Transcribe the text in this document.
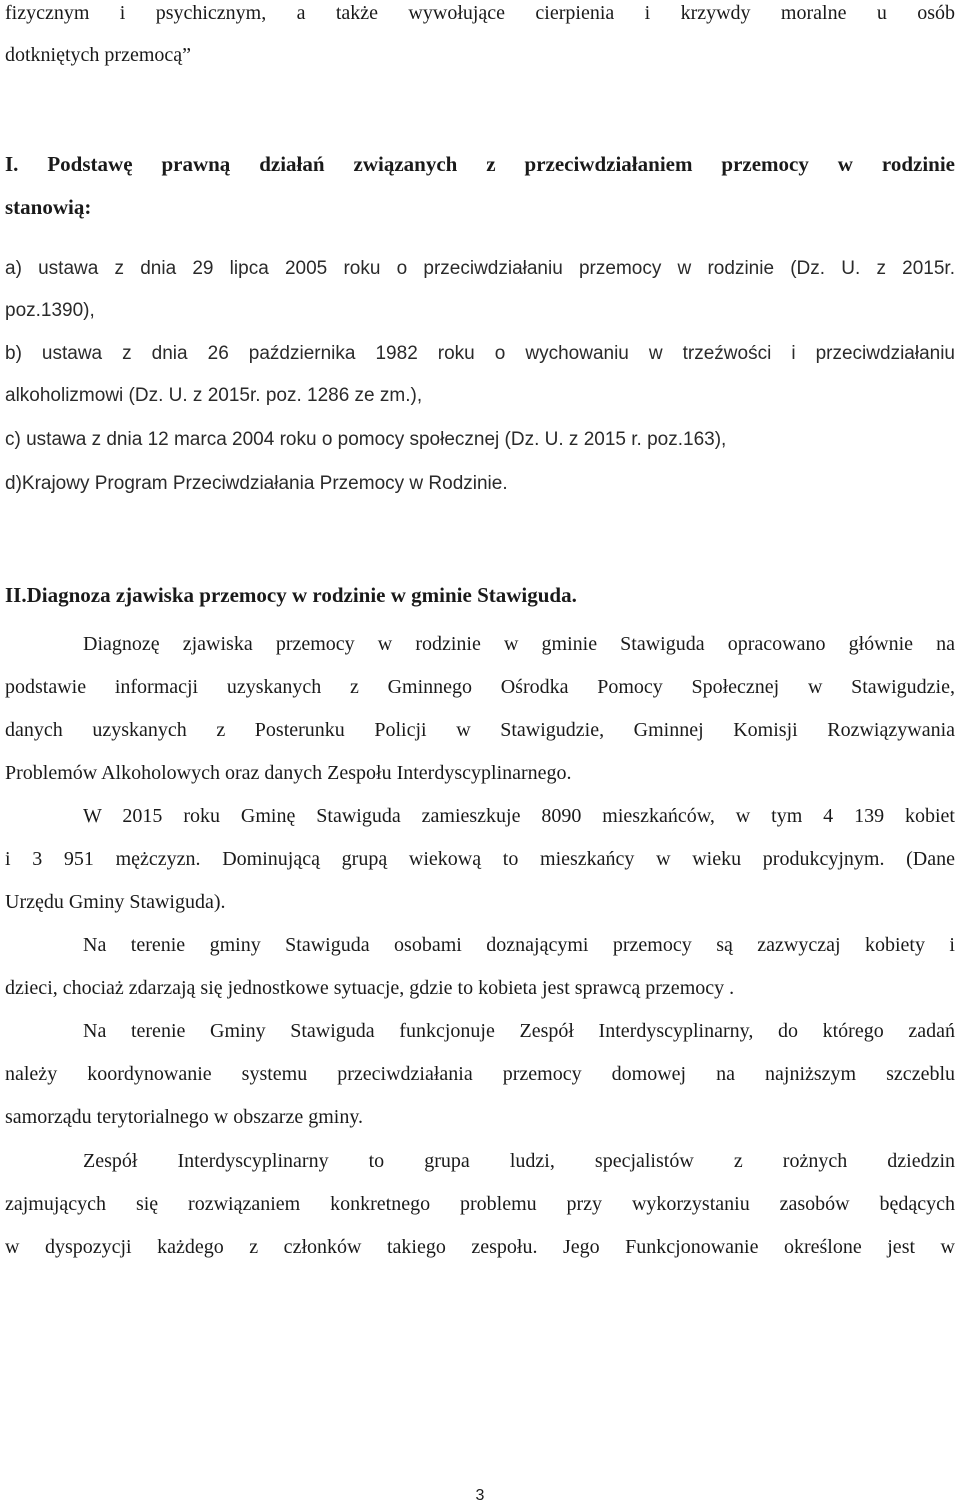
fizycznym i psychicznym, a także wywołujące cierpienia i krzywdy moralne u osób
dotkniętych przemocą”
I. Podstawę prawną działań związanych z przeciwdziałaniem przemocy w rodzinie
stanowią:
a) ustawa z dnia 29 lipca 2005 roku o przeciwdziałaniu przemocy w rodzinie (Dz. U. z 2015r.
poz.1390),
b) ustawa z dnia 26 października 1982 roku o wychowaniu w trzeźwości i przeciwdziałaniu
alkoholizmowi (Dz. U. z 2015r. poz. 1286 ze zm.),
c) ustawa z dnia 12 marca 2004 roku o pomocy społecznej (Dz. U. z 2015 r. poz.163),
d)Krajowy Program Przeciwdziałania Przemocy w Rodzinie.
II.Diagnoza zjawiska przemocy w rodzinie w gminie Stawiguda.
Diagnozę zjawiska przemocy w rodzinie w gminie Stawiguda opracowano głównie na
podstawie informacji uzyskanych z Gminnego Ośrodka Pomocy Społecznej w Stawigudzie,
danych uzyskanych z Posterunku Policji w Stawigudzie, Gminnej Komisji Rozwiązywania
Problemów Alkoholowych oraz danych Zespołu Interdyscyplinarnego.
W 2015 roku Gminę Stawiguda zamieszkuje 8090 mieszkańców, w tym 4 139 kobiet
i 3 951 mężczyzn. Dominującą grupą wiekową to mieszkańcy w wieku produkcyjnym. (Dane
Urzędu Gminy Stawiguda).
Na terenie gminy Stawiguda osobami doznającymi przemocy są zazwyczaj kobiety i
dzieci, chociaż zdarzają się jednostkowe sytuacje, gdzie to kobieta jest sprawcą przemocy .
Na terenie Gminy Stawiguda funkcjonuje Zespół Interdyscyplinarny, do którego zadań
należy koordynowanie systemu przeciwdziałania przemocy domowej na najniższym szczeblu
samorządu terytorialnego w obszarze gminy.
Zespół Interdyscyplinarny to grupa ludzi, specjalistów z rożnych dziedzin
zajmujących się rozwiązaniem konkretnego problemu przy wykorzystaniu zasobów będących
w dyspozycji każdego z członków takiego zespołu. Jego Funkcjonowanie określone jest w
3
